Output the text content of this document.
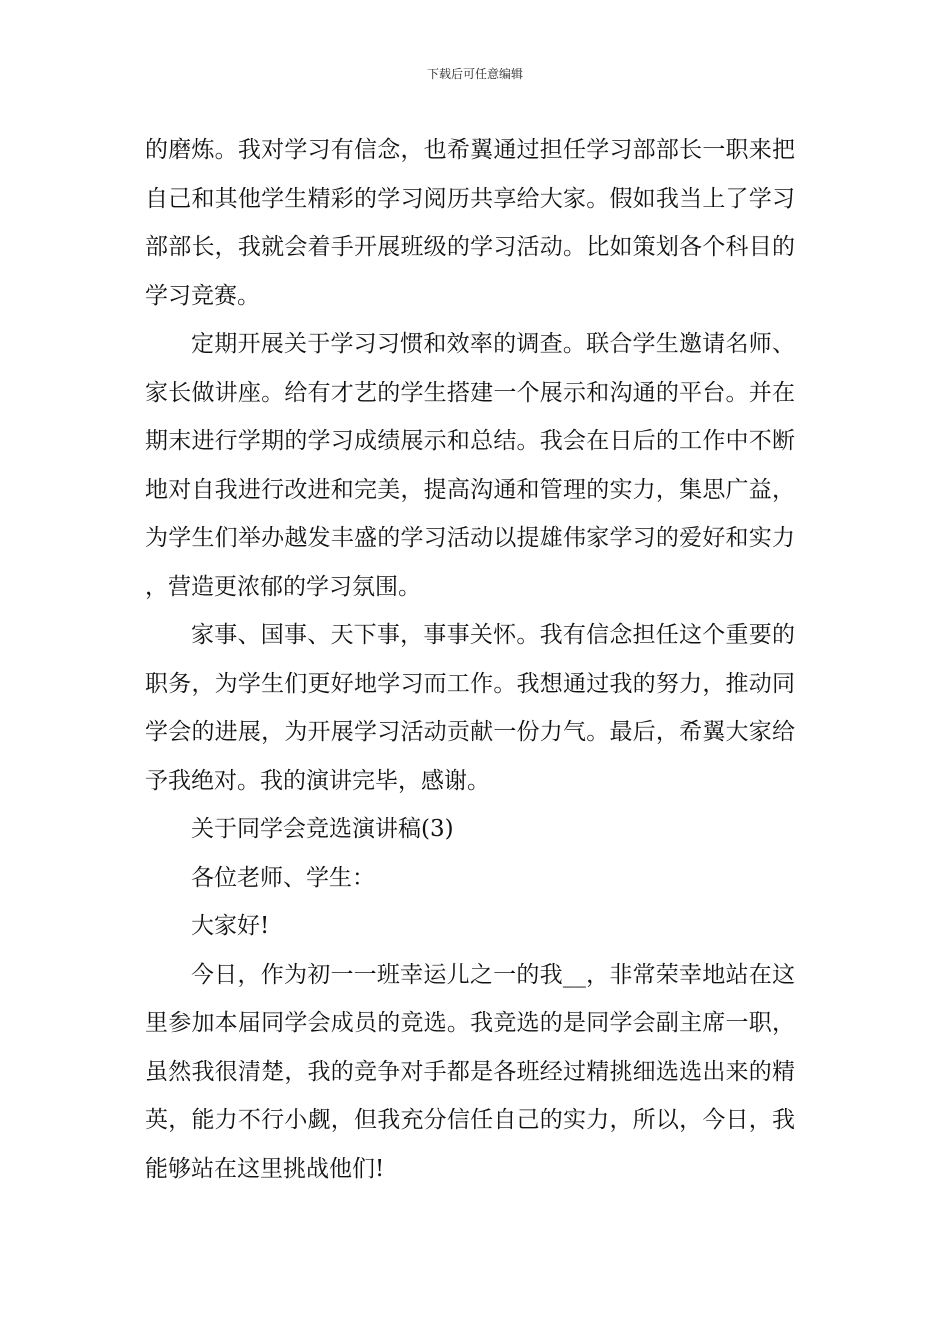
下载后可任意编辑

的磨炼。我对学习有信念，也希翼通过担任学习部部长一职来把自己和其他学生精彩的学习阅历共享给大家。假如我当上了学习部部长，我就会着手开展班级的学习活动。比如策划各个科目的学习竞赛。

定期开展关于学习习惯和效率的调查。联合学生邀请名师、家长做讲座。给有才艺的学生搭建一个展示和沟通的平台。并在期末进行学期的学习成绩展示和总结。我会在日后的工作中不断地对自我进行改进和完美，提高沟通和管理的实力，集思广益，为学生们举办越发丰盛的学习活动以提雄伟家学习的爱好和实力，营造更浓郁的学习氛围。

家事、国事、天下事，事事关怀。我有信念担任这个重要的职务，为学生们更好地学习而工作。我想通过我的努力，推动同学会的进展，为开展学习活动贡献一份力气。最后，希翼大家给予我绝对。我的演讲完毕，感谢。

关于同学会竞选演讲稿(3)

各位老师、学生：

大家好!

今日，作为初一一班幸运儿之一的我__，非常荣幸地站在这里参加本届同学会成员的竞选。我竞选的是同学会副主席一职，虽然我很清楚，我的竞争对手都是各班经过精挑细选选出来的精英，能力不行小觑，但我充分信任自己的实力，所以，今日，我能够站在这里挑战他们!
